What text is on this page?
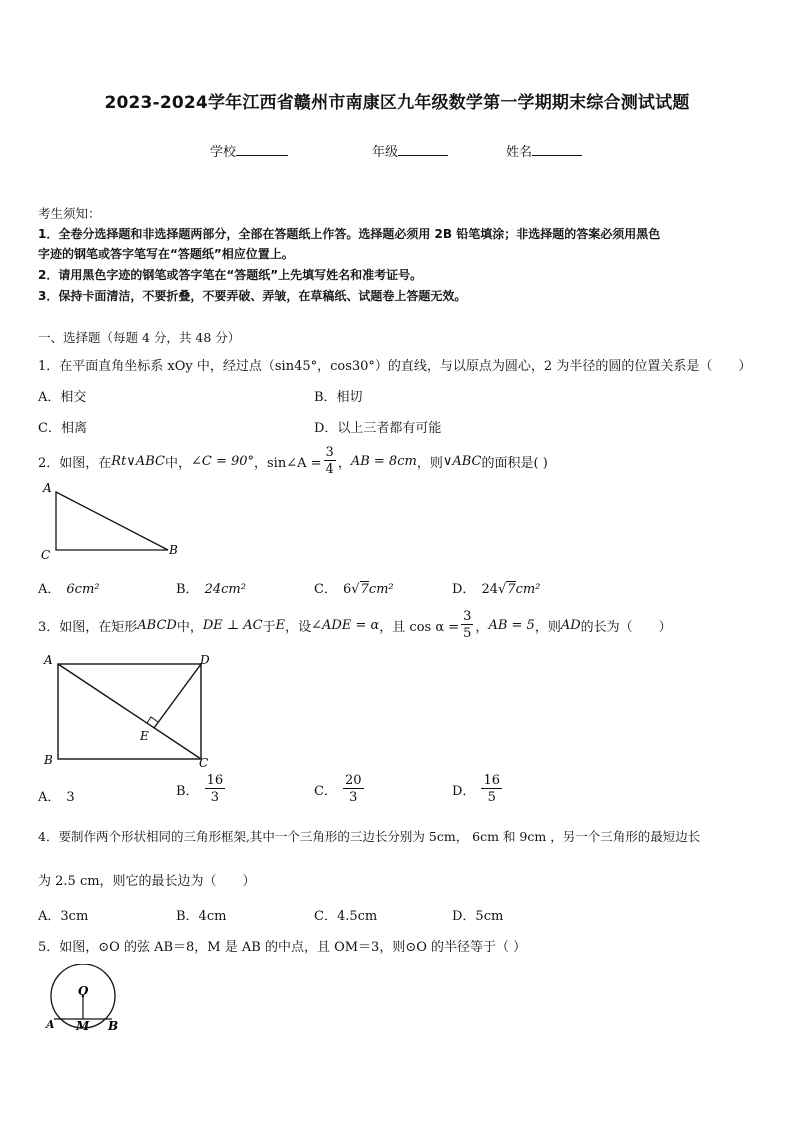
2023-2024学年江西省赣州市南康区九年级数学第一学期期末综合测试试题
学校	年级	姓名
考生须知：
1．全卷分选择题和非选择题两部分，全部在答题纸上作答。选择题必须用 2B 铅笔填涂；非选择题的答案必须用黑色
字迹的钢笔或答字笔写在“答题纸”相应位置上。
2．请用黑色字迹的钢笔或答字笔在“答题纸”上先填写姓名和准考证号。
3．保持卡面清洁，不要折叠，不要弄破、弄皱，在草稿纸、试题卷上答题无效。
一、选择题（每题 4 分，共 48 分）
1．在平面直角坐标系 xOy 中，经过点（sin45°，cos30°）的直线，与以原点为圆心，2 为半径的圆的位置关系是（　　）
A．相交	B．相切
C．相离	D．以上三者都有可能
2．如图，在 Rt∨ABC 中， ∠C = 90° ，sin∠A = $\frac{3}{4}$ ， AB = 8cm ，则 ∨ABC 的面积是( )
A
C	B
A． 6cm²	B． 24cm²	C． 6√7cm²	D． 24√7cm²
3．如图，在矩形 ABCD 中， DE ⊥ AC 于 E ，设 ∠ADE = α ，且 $\cos \alpha = \frac{3}{5}$ ， AB = 5 ，则 AD 的长为（　　）
A	D
B	C
E
A． 3	B． $\frac{16}{3}$	C． $\frac{20}{3}$	D． $\frac{16}{5}$
4．要制作两个形状相同的三角形框架,其中一个三角形的三边长分别为 5cm， 6cm 和 9cm ，另一个三角形的最短边长
为 2.5 cm，则它的最长边为（　　）
A．3cm	B．4cm	C．4.5cm	D．5cm
5．如图，⊙O 的弦 AB＝8，M 是 AB 的中点，且 OM＝3，则⊙O 的半径等于（ ）
O
A M B
